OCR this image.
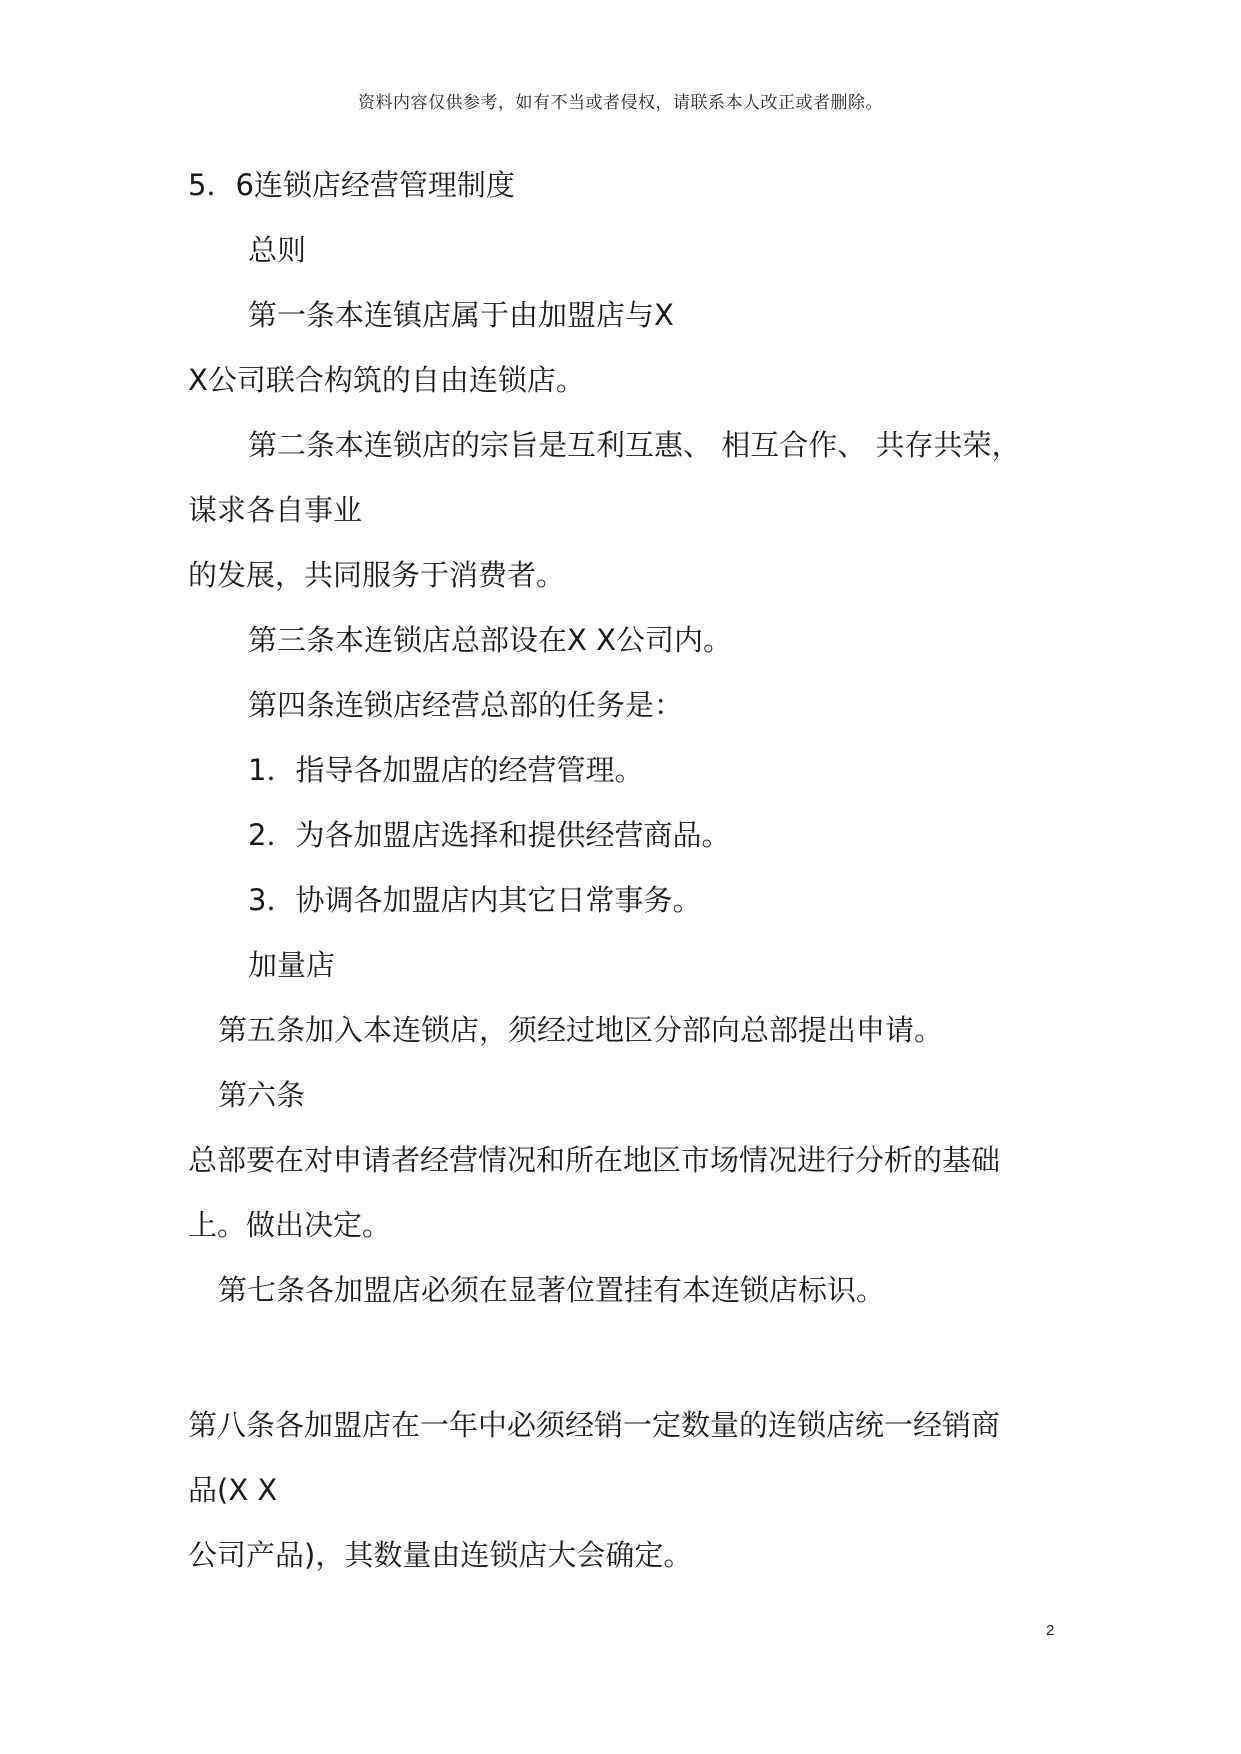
资料内容仅供参考，如有不当或者侵权，请联系本人改正或者删除。
5．6连锁店经营管理制度
总则
第一条本连镇店属于由加盟店与X
X公司联合构筑的自由连锁店。
第二条本连锁店的宗旨是互利互惠、 相互合作、 共存共荣，
谋求各自事业
的发展，共同服务于消费者。
第三条本连锁店总部设在X X公司内。
第四条连锁店经营总部的任务是：
1．指导各加盟店的经营管理。
2．为各加盟店选择和提供经营商品。
3．协调各加盟店内其它日常事务。
加量店
第五条加入本连锁店，须经过地区分部向总部提出申请。
第六条
总部要在对申请者经营情况和所在地区市场情况进行分析的基础
上。做出决定。
第七条各加盟店必须在显著位置挂有本连锁店标识。
第八条各加盟店在一年中必须经销一定数量的连锁店统一经销商
品(X X
公司产品)，其数量由连锁店大会确定。
2
